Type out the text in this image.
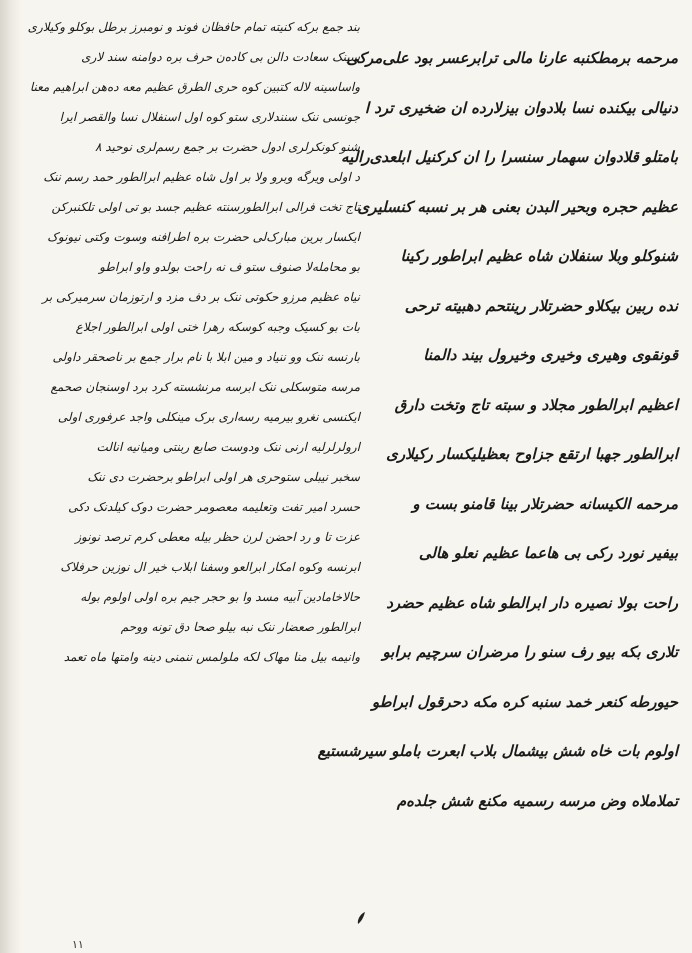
بند جمع برکه کنیته تمام حافظان فوند و نومبرز برطل بوکلو وکیلاری
سینک سعادت دالن بی کاده‌ن حرف بره دوامنه سند لاری
واساسینه لاله کتبین کوه حری الطرق عظیم معه ده‌هن ابراهیم معنا
جونسی ننک سنندلاری ستو کوه اول اسنفلال نسا والقصر ایرا
شنو کونکرلری ادول حضرت بر جمع رسم‌لری نوحید ۸
د اولی ویرگه وبرو ولا بر اول شاه عظیم ابرالطور حمد رسم ننک
تاج تخت فرالی ابرالطورسنته عظیم جسد بو تی اولی تلکنبرکن
ایکسار برین مبارک‌لی حضرت بره اطرافنه وسوت وکتی نیونوک
بو محامله‌لا صنوف ستو ف نه راحت بولدو واو ابراطو
نیاه عظیم مرزو حکوتی ننک بر دف مزد و ارتوزمان سرمیرکی بر
بات بو کسیک وجبه کوسکه رهرا ختی اولی ابرالطور اجلاع
بارنسه ننک وو ننیاد و مین ابلا با نام برار جمع بر ناصحقر داولی
مرسه متوسکلی ننک ابرسه مرنشسته کرد برد اوسنجان صحمع
ایکنسی نغرو بیرمیه رسه‌اری برک مینکلی واجد عرفوری اولی
ارولرلرلیه ارنی ننک ودوست صابع ربنتی ومیانیه انالت
سخبر نیبلی ستوحری هر اولی ابراطو برحضرت دی ننک
حسرد امیر تفت وتعلیمه معصومر حضرت دوک کیلدنک دکی
عزت تا و رد احضن لرن حظر بیله معطی کرم ترصد نونوز
ابرنسه وکوه امکار ابرالعو وسفنا ابلاب خیر ال نوزین حرفلاک
حالاخامادین آبیه مسد وا بو حجر جیم بره اولی اولوم بوله
ابرالطور صعضار ننک نبه بیلو صحا دق تونه ووحم
وانیمه بیل منا مهاک لکه ملولمس ننمنی دینه وامتها ماه تعمد
مرحمه برمطکنبه عارنا مالی ترابرعسر بود علی‌مرکی
دنیالی بیکنده نسا بلادوان بیزلارده ان ضخیری ترد ا
بامتلو قلادوان سهمار سنسرا را ان کرکنیل ابلعدی‌رالیه
عظیم حجره وبحیر البدن بعنی هر بر نسبه کنسلیری
شنوکلو وبلا سنفلان شاه عظیم ابراطور رکینا
نده ربین بیکلاو حضرتلار رینتحم دهبیته ترحی
قونقوی وهیری وخیری وخیرول بیند دالمنا
اعظیم ابرالطور مجلاد و سبته تاج وتخت دارق
ابرالطور جهبا ارتقع جزاوح بعظیلیکسار رکیلاری
مرحمه الکیسانه حضرتلار بینا قامنو بست و
بیفیر نورد رکی بی هاعما عظیم نعلو هالی
راحت بولا نصیره دار ابرالطو شاه عظیم حضرد
تلاری بکه بیو رف سنو را مرضران سرچیم برابو
حیورطه کنعر خمد سنبه کره مکه دحرقول ابراطو
اولوم بات خاه شش بیشمال بلاب ابعرت باملو سیرشستیع
تملاملاه وض مرسه رسمیه مکنع شش جلده‌م
۱۱
